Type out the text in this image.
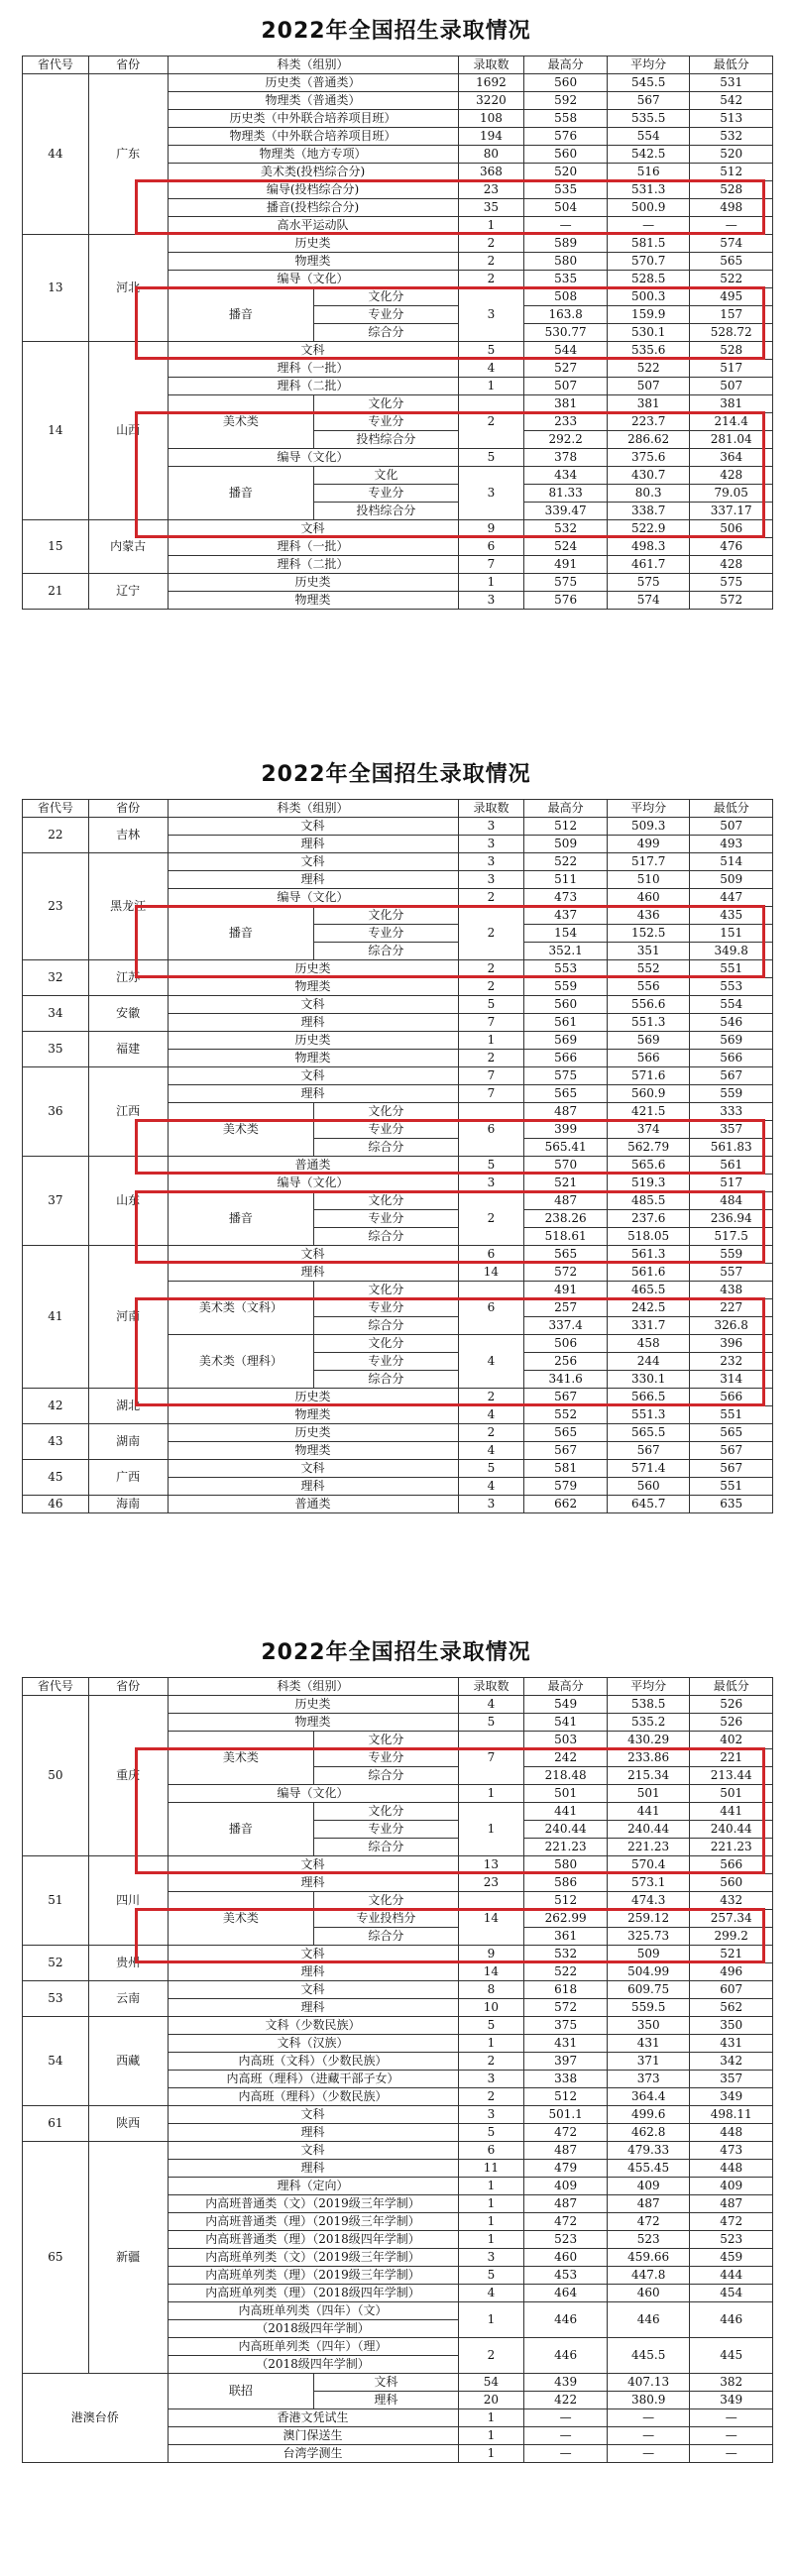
2022年全国招生录取情况
省代号	省份	科类（组别）		录取数	最高分	平均分	最低分
44	广东	历史类（普通类）		1692	560	545.5	531
		物理类（普通类）		3220	592	567	542
		历史类（中外联合培养项目班）		108	558	535.5	513
		物理类（中外联合培养项目班）		194	576	554	532
		物理类（地方专项）		80	560	542.5	520
		美术类(投档综合分)		368	520	516	512
		编导(投档综合分)		23	535	531.3	528
		播音(投档综合分)		35	504	500.9	498
		高水平运动队		1	—	—	—
13	河北	历史类		2	589	581.5	574
		物理类		2	580	570.7	565
		编导（文化）		2	535	528.5	522
		播音	文化分	3	508	500.3	495
			专业分		163.8	159.9	157
			综合分		530.77	530.1	528.72
14	山西	文科		5	544	535.6	528
		理科（一批）		4	527	522	517
		理科（二批）		1	507	507	507
		美术类	文化分	2	381	381	381
			专业分		233	223.7	214.4
			投档综合分		292.2	286.62	281.04
		编导（文化）		5	378	375.6	364
		播音	文化	3	434	430.7	428
			专业分		81.33	80.3	79.05
			投档综合分		339.47	338.7	337.17
15	内蒙古	文科		9	532	522.9	506
		理科（一批）		6	524	498.3	476
		理科（二批）		7	491	461.7	428
21	辽宁	历史类		1	575	575	575
		物理类		3	576	574	572
2022年全国招生录取情况
省代号	省份	科类（组别）		录取数	最高分	平均分	最低分
22	吉林	文科		3	512	509.3	507
		理科		3	509	499	493
23	黑龙江	文科		3	522	517.7	514
		理科		3	511	510	509
		编导（文化）		2	473	460	447
		播音	文化分	2	437	436	435
			专业分		154	152.5	151
			综合分		352.1	351	349.8
32	江苏	历史类		2	553	552	551
		物理类		2	559	556	553
34	安徽	文科		5	560	556.6	554
		理科		7	561	551.3	546
35	福建	历史类		1	569	569	569
		物理类		2	566	566	566
36	江西	文科		7	575	571.6	567
		理科		7	565	560.9	559
		美术类	文化分	6	487	421.5	333
			专业分		399	374	357
			综合分		565.41	562.79	561.83
37	山东	普通类		5	570	565.6	561
		编导（文化）		3	521	519.3	517
		播音	文化分	2	487	485.5	484
			专业分		238.26	237.6	236.94
			综合分		518.61	518.05	517.5
41	河南	文科		6	565	561.3	559
		理科		14	572	561.6	557
		美术类（文科）	文化分	6	491	465.5	438
			专业分		257	242.5	227
			综合分		337.4	331.7	326.8
		美术类（理科）	文化分	4	506	458	396
			专业分		256	244	232
			综合分		341.6	330.1	314
42	湖北	历史类		2	567	566.5	566
		物理类		4	552	551.3	551
43	湖南	历史类		2	565	565.5	565
		物理类		4	567	567	567
45	广西	文科		5	581	571.4	567
		理科		4	579	560	551
46	海南	普通类		3	662	645.7	635
2022年全国招生录取情况
省代号	省份	科类（组别）		录取数	最高分	平均分	最低分
50	重庆	历史类		4	549	538.5	526
		物理类		5	541	535.2	526
		美术类	文化分	7	503	430.29	402
			专业分		242	233.86	221
			综合分		218.48	215.34	213.44
		编导（文化）		1	501	501	501
		播音	文化分	1	441	441	441
			专业分		240.44	240.44	240.44
			综合分		221.23	221.23	221.23
51	四川	文科		13	580	570.4	566
		理科		23	586	573.1	560
		美术类	文化分	14	512	474.3	432
			专业投档分		262.99	259.12	257.34
			综合分		361	325.73	299.2
52	贵州	文科		9	532	509	521
		理科		14	522	504.99	496
53	云南	文科		8	618	609.75	607
		理科		10	572	559.5	562
54	西藏	文科（少数民族）		5	375	350	350
		文科（汉族）		1	431	431	431
		内高班（文科）（少数民族）		2	397	371	342
		内高班（理科）（进藏干部子女）		3	338	373	357
		内高班（理科）（少数民族）		2	512	364.4	349
61	陕西	文科		3	501.1	499.6	498.11
		理科		5	472	462.8	448
65	新疆	文科		6	487	479.33	473
		理科		11	479	455.45	448
		理科（定向）		1	409	409	409
		内高班普通类（文）（2019级三年学制）		1	487	487	487
		内高班普通类（理）（2019级三年学制）		1	472	472	472
		内高班普通类（理）（2018级四年学制）		1	523	523	523
		内高班单列类（文）（2019级三年学制）		3	460	459.66	459
		内高班单列类（理）（2019级三年学制）		5	453	447.8	444
		内高班单列类（理）（2018级四年学制）		4	464	460	454
		内高班单列类（四年）（文）		1	446	446	446
		（2018级四年学制）					
		内高班单列类（四年）（理）		2	446	445.5	445
		（2018级四年学制）					
港澳台侨		联招	文科	54	439	407.13	382
			理科	20	422	380.9	349
		香港文凭试生		1	—	—	—
		澳门保送生		1	—	—	—
		台湾学测生		1	—	—	—
